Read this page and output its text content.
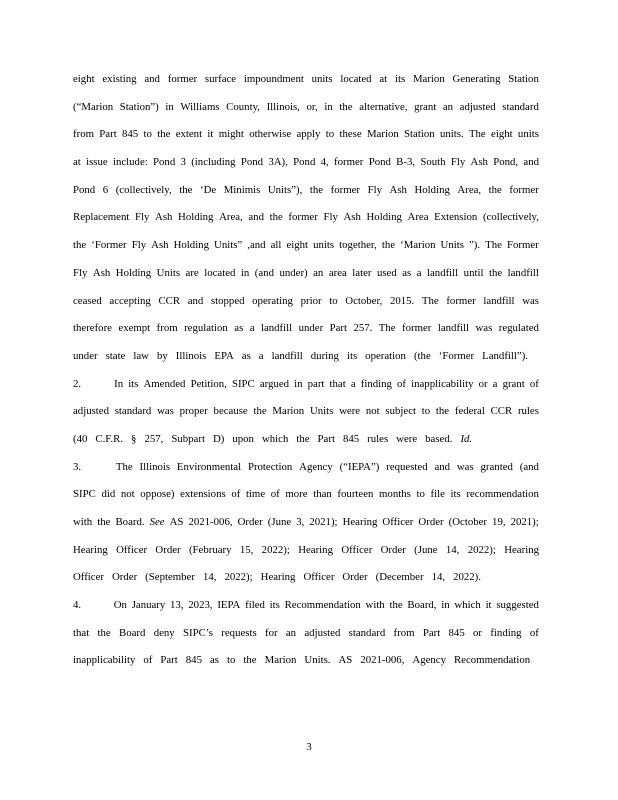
eight existing and former surface impoundment units located at its Marion Generating Station
(“Marion Station”) in Williams County, Illinois, or, in the alternative, grant an adjusted standard
from Part 845 to the extent it might otherwise apply to these Marion Station units. The eight units
at issue include: Pond 3 (including Pond 3A), Pond 4, former Pond B-3, South Fly Ash Pond, and
Pond 6 (collectively, the ‘De Minimis Units”), the former Fly Ash Holding Area, the former
Replacement Fly Ash Holding Area, and the former Fly Ash Holding Area Extension (collectively,
the ‘Former Fly Ash Holding Units” ,and all eight units together, the ‘Marion Units ”). The Former
Fly Ash Holding Units are located in (and under) an area later used as a landfill until the landfill
ceased accepting CCR and stopped operating prior to October, 2015. The former landfill was
therefore exempt from regulation as a landfill under Part 257. The former landfill was regulated
under state law by Illinois EPA as a landfill during its operation (the ‘Former Landfill”).
2.	In its Amended Petition, SIPC argued in part that a finding of inapplicability or a grant of
adjusted standard was proper because the Marion Units were not subject to the federal CCR rules
(40 C.F.R. § 257, Subpart D) upon which the Part 845 rules were based. Id.
3.	The Illinois Environmental Protection Agency (“IEPA”) requested and was granted (and
SIPC did not oppose) extensions of time of more than fourteen months to file its recommendation
with the Board. See AS 2021-006, Order (June 3, 2021); Hearing Officer Order (October 19, 2021);
Hearing Officer Order (February 15, 2022); Hearing Officer Order (June 14, 2022); Hearing
Officer Order (September 14, 2022); Hearing Officer Order (December 14, 2022).
4.	On January 13, 2023, IEPA filed its Recommendation with the Board, in which it suggested
that the Board deny SIPC’s requests for an adjusted standard from Part 845 or finding of
inapplicability of Part 845 as to the Marion Units. AS 2021-006, Agency Recommendation
3
